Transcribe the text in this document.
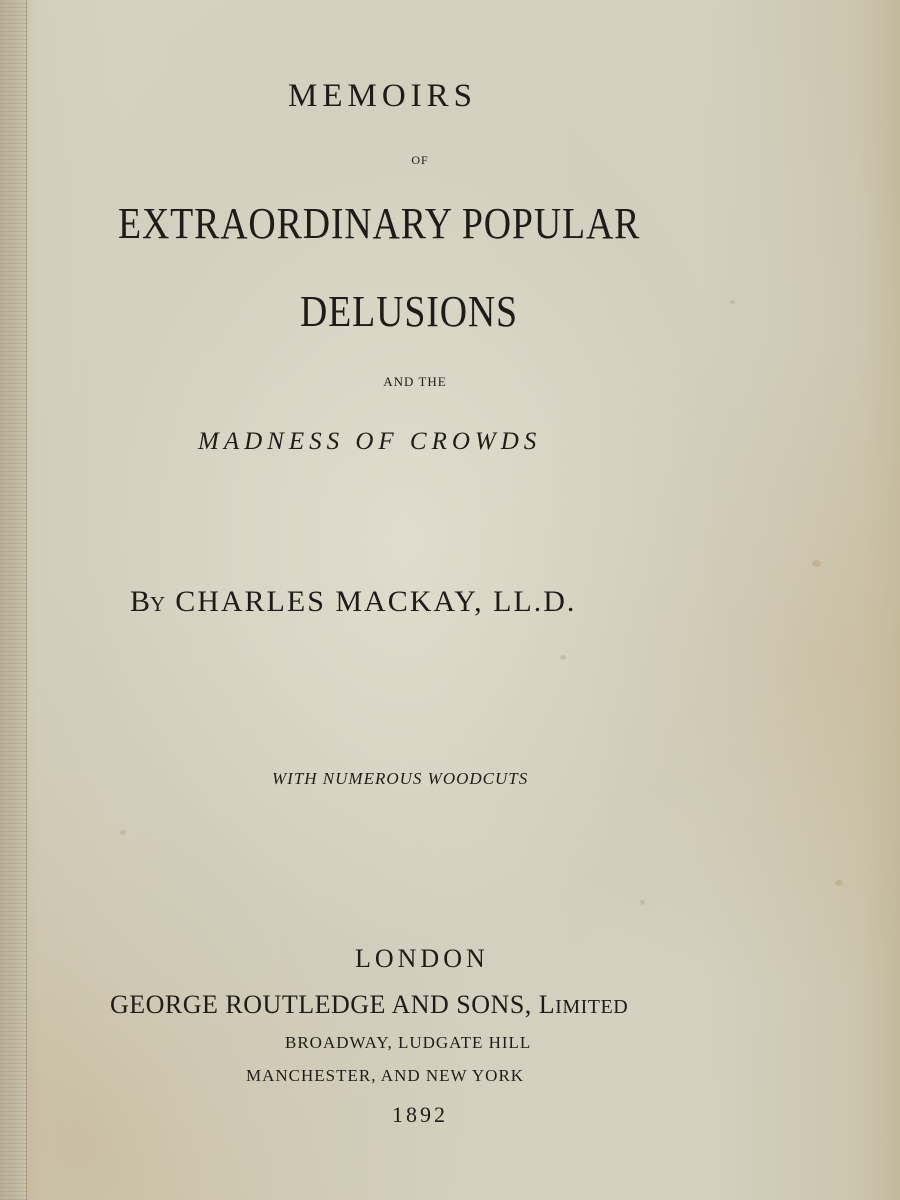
MEMOIRS
OF
EXTRAORDINARY POPULAR
DELUSIONS
AND THE
MADNESS OF CROWDS
BY CHARLES MACKAY, LL.D.
WITH NUMEROUS WOODCUTS
LONDON
GEORGE ROUTLEDGE AND SONS, LIMITED
BROADWAY, LUDGATE HILL
MANCHESTER, AND NEW YORK
1892
